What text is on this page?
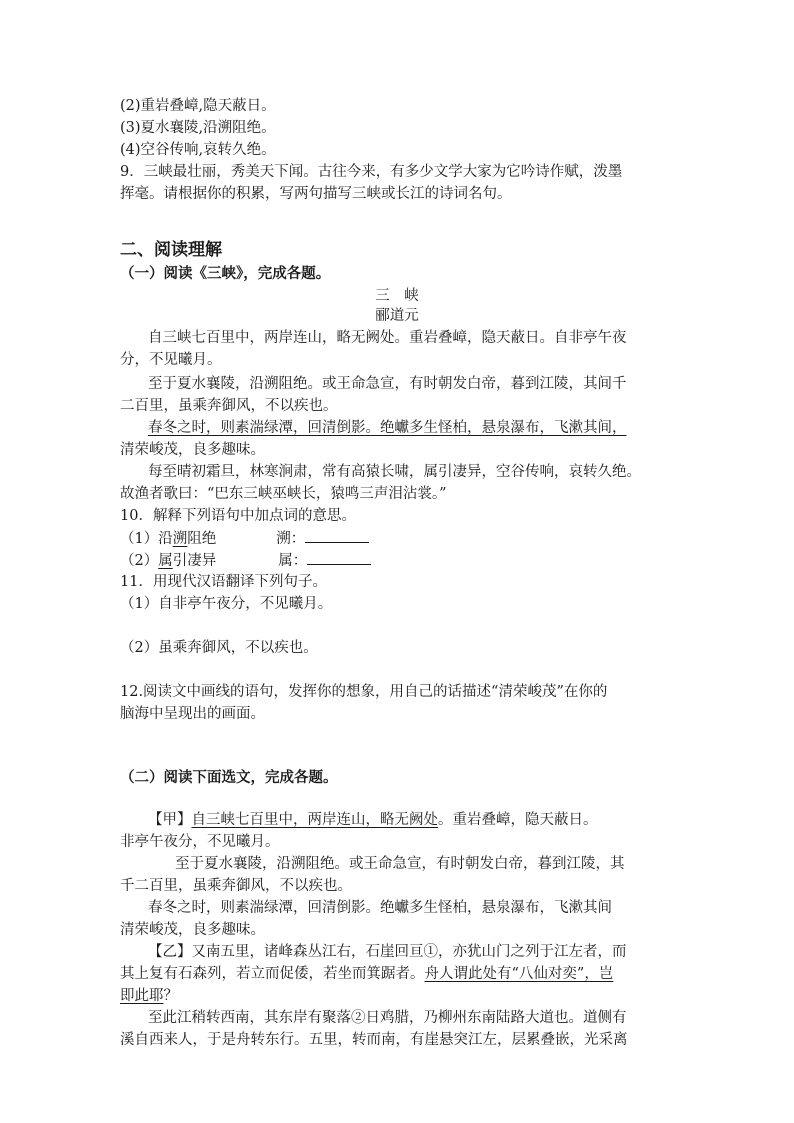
(2)重岩叠嶂,隐天蔽日。
(3)夏水襄陵,沿溯阻绝。
(4)空谷传响,哀转久绝。
9．三峡最壮丽，秀美天下闻。古往今来，有多少文学大家为它吟诗作赋，泼墨
挥毫。请根据你的积累，写两句描写三峡或长江的诗词名句。
二、阅读理解
（一）阅读《三峡》，完成各题。
三　峡
郦道元
自三峡七百里中，两岸连山，略无阙处。重岩叠嶂，隐天蔽日。自非亭午夜
分，不见曦月。
至于夏水襄陵，沿溯阻绝。或王命急宣，有时朝发白帝，暮到江陵，其间千
二百里，虽乘奔御风，不以疾也。
春冬之时，则素湍绿潭，回清倒影。绝巘多生怪柏，悬泉瀑布，飞漱其间，
清荣峻茂，良多趣味。
每至晴初霜旦，林寒涧肃，常有高猿长啸，属引凄异，空谷传响，哀转久绝。
故渔者歌曰：“巴东三峡巫峡长，猿鸣三声泪沾裳。”
10．解释下列语句中加点词的意思。
（1）沿溯阻绝	溯：
（2）属引凄异	属：
11．用现代汉语翻译下列句子。
（1）自非亭午夜分，不见曦月。
（2）虽乘奔御风，不以疾也。
12.阅读文中画线的语句，发挥你的想象，用自己的话描述“清荣峻茂”在你的
脑海中呈现出的画面。
（二）阅读下面选文，完成各题。
【甲】自三峡七百里中，两岸连山，略无阙处。重岩叠嶂，隐天蔽日。
非亭午夜分，不见曦月。
至于夏水襄陵，沿溯阻绝。或王命急宣，有时朝发白帝，暮到江陵，其
千二百里，虽乘奔御风，不以疾也。
春冬之时，则素湍绿潭，回清倒影。绝巘多生怪柏，悬泉瀑布，飞漱其间
清荣峻茂，良多趣味。
【乙】又南五里，诸峰森丛江右，石崖回亘①，亦犹山门之列于江左者，而
其上复有石森列，若立而促倭，若坐而箕踞者。舟人谓此处有“八仙对奕”，岂
即此耶？
至此江稍转西南，其东岸有聚落②日鸡腊，乃柳州东南陆路大道也。道侧有
溪自西来人，于是舟转东行。五里，转而南，有崖悬突江左，层累叠嵌，光采离
